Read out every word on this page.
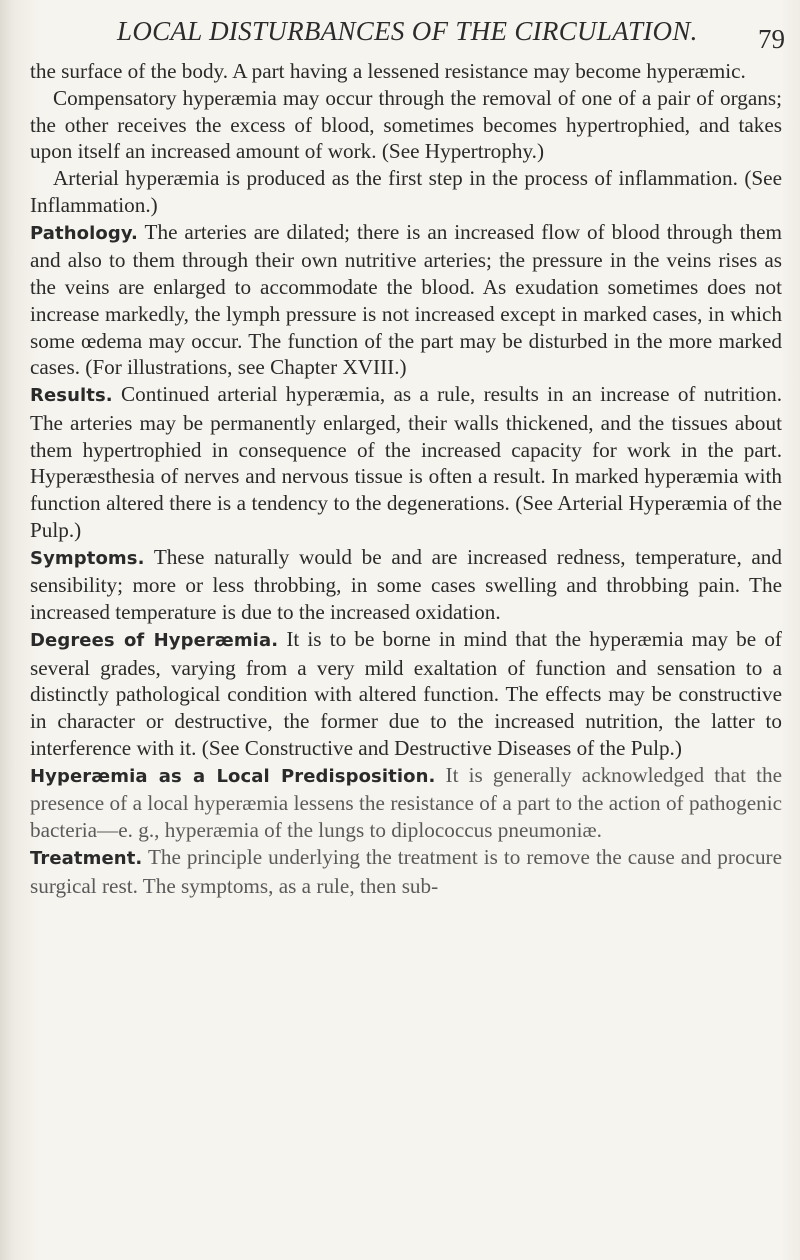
LOCAL DISTURBANCES OF THE CIRCULATION. 79

the surface of the body. A part having a lessened resistance may become hyperæmic.

Compensatory hyperæmia may occur through the removal of one of a pair of organs; the other receives the excess of blood, sometimes becomes hypertrophied, and takes upon itself an increased amount of work. (See Hypertrophy.)

Arterial hyperæmia is produced as the first step in the process of inflammation. (See Inflammation.)

Pathology. The arteries are dilated; there is an increased flow of blood through them and also to them through their own nutritive arteries; the pressure in the veins rises as the veins are enlarged to accommodate the blood. As exudation sometimes does not increase markedly, the lymph pressure is not increased except in marked cases, in which some œdema may occur. The function of the part may be disturbed in the more marked cases. (For illustrations, see Chapter XVIII.)

Results. Continued arterial hyperæmia, as a rule, results in an increase of nutrition. The arteries may be permanently enlarged, their walls thickened, and the tissues about them hypertrophied in consequence of the increased capacity for work in the part. Hyperæsthesia of nerves and nervous tissue is often a result. In marked hyperæmia with function altered there is a tendency to the degenerations. (See Arterial Hyperæmia of the Pulp.)

Symptoms. These naturally would be and are increased redness, temperature, and sensibility; more or less throbbing, in some cases swelling and throbbing pain. The increased temperature is due to the increased oxidation.

Degrees of Hyperæmia. It is to be borne in mind that the hyperæmia may be of several grades, varying from a very mild exaltation of function and sensation to a distinctly pathological condition with altered function. The effects may be constructive in character or destructive, the former due to the increased nutrition, the latter to interference with it. (See Constructive and Destructive Diseases of the Pulp.)

Hyperæmia as a Local Predisposition. It is generally acknowledged that the presence of a local hyperæmia lessens the resistance of a part to the action of pathogenic bacteria—e. g., hyperæmia of the lungs to diplococcus pneumoniæ.

Treatment. The principle underlying the treatment is to remove the cause and procure surgical rest. The symptoms, as a rule, then sub-
